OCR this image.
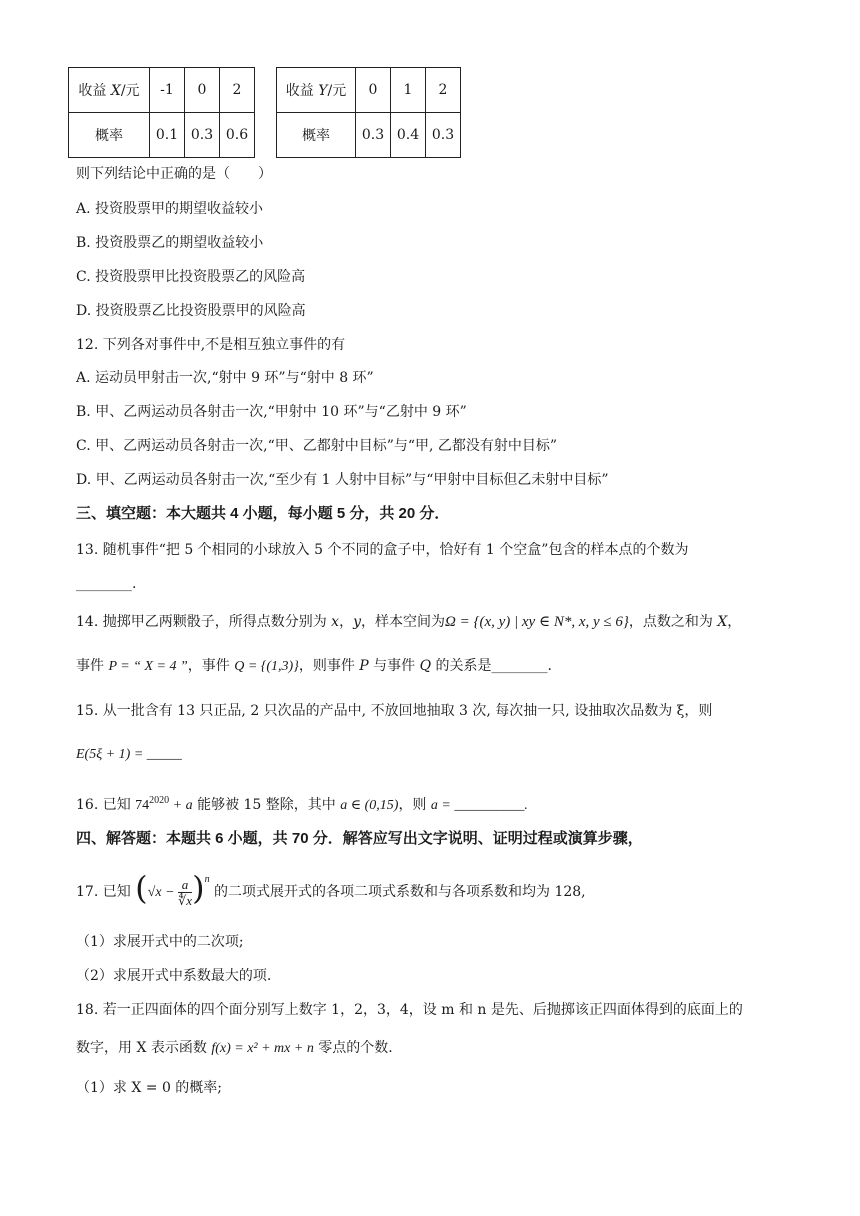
收益 X/元	-1	0	2
概率	0.1	0.3	0.6
收益 Y/元	0	1	2
概率	0.3	0.4	0.3
则下列结论中正确的是（　　）
A. 投资股票甲的期望收益较小
B. 投资股票乙的期望收益较小
C. 投资股票甲比投资股票乙的风险高
D. 投资股票乙比投资股票甲的风险高
12. 下列各对事件中,不是相互独立事件的有
A. 运动员甲射击一次,“射中 9 环”与“射中 8 环”
B. 甲、乙两运动员各射击一次,“甲射中 10 环”与“乙射中 9 环”
C. 甲、乙两运动员各射击一次,“甲、乙都射中目标”与“甲, 乙都没有射中目标”
D. 甲、乙两运动员各射击一次,“至少有 1 人射中目标”与“甲射中目标但乙未射中目标”
三、填空题：本大题共 4 小题，每小题 5 分，共 20 分．
13. 随机事件“把 5 个相同的小球放入 5 个不同的盒子中，恰好有 1 个空盒”包含的样本点的个数为
________.
14. 抛掷甲乙两颗骰子，所得点数分别为 x，y，样本空间为Ω = {(x, y) | xy ∈ N*, x, y ≤ 6}，点数之和为 X，
事件 P = “ X = 4 ”，事件 Q = {(1,3)}，则事件 P 与事件 Q 的关系是________.
15. 从一批含有 13 只正品, 2 只次品的产品中, 不放回地抽取 3 次, 每次抽一只, 设抽取次品数为 ξ，则
E(5ξ + 1) = _____
16. 已知 $74^{2020} + a$ 能够被 15 整除，其中 a ∈ (0,15)，则 a = __________.
四、解答题：本题共 6 小题，共 70 分．解答应写出文字说明、证明过程或演算步骤，
17. 已知 $(√x - \frac{a}{∜x} )^n$ 的二项式展开式的各项二项式系数和与各项系数和均为 128,
（1）求展开式中的二次项;
（2）求展开式中系数最大的项.
18. 若一正四面体的四个面分别写上数字 1，2，3，4，设 m 和 n 是先、后抛掷该正四面体得到的底面上的
数字，用 X 表示函数 f(x) = x² + mx + n 零点的个数.
（1）求 X = 0 的概率;
